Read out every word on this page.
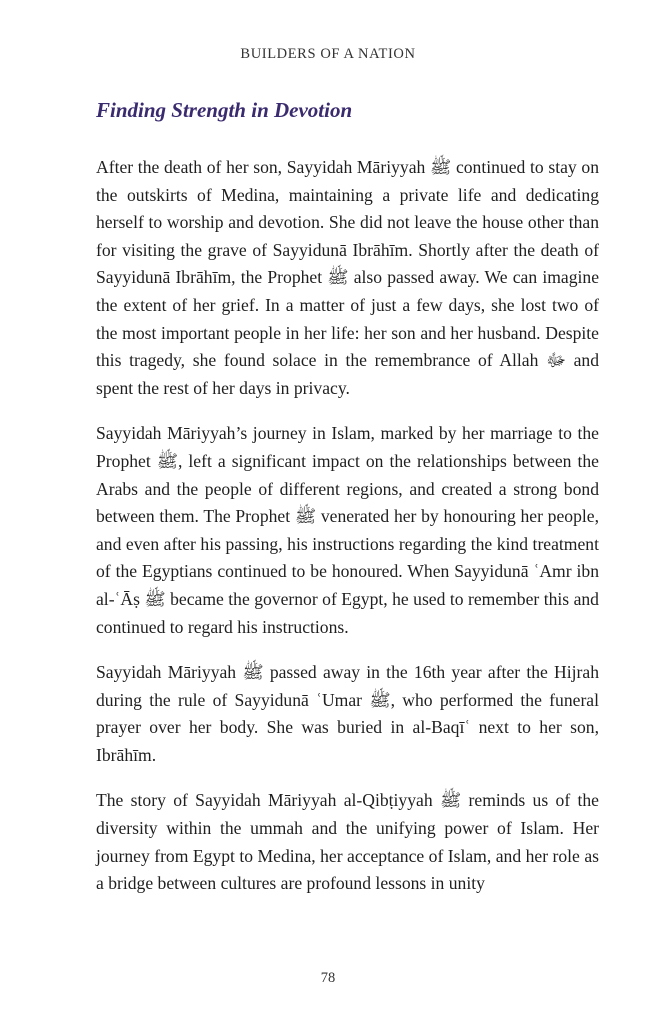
BUILDERS OF A NATION
Finding Strength in Devotion

After the death of her son, Sayyidah Māriyyah ﷺ continued to stay on the outskirts of Medina, maintaining a private life and dedicating herself to worship and devotion. She did not leave the house other than for visiting the grave of Sayyidunā Ibrāhīm. Shortly after the death of Sayyidunā Ibrāhīm, the Prophet ﷺ also passed away. We can imagine the extent of her grief. In a matter of just a few days, she lost two of the most important people in her life: her son and her husband. Despite this tragedy, she found solace in the remembrance of Allah ﷻ and spent the rest of her days in privacy.

Sayyidah Māriyyah’s journey in Islam, marked by her marriage to the Prophet ﷺ, left a significant impact on the relationships between the Arabs and the people of different regions, and created a strong bond between them. The Prophet ﷺ venerated her by honouring her people, and even after his passing, his instructions regarding the kind treatment of the Egyptians continued to be honoured. When Sayyidunā ʿAmr ibn al-ʿĀṣ ﷺ became the governor of Egypt, he used to remember this and continued to regard his instructions.

Sayyidah Māriyyah ﷺ passed away in the 16th year after the Hijrah during the rule of Sayyidunā ʿUmar ﷺ, who performed the funeral prayer over her body. She was buried in al-Baqīʿ next to her son, Ibrāhīm.

The story of Sayyidah Māriyyah al-Qibṭiyyah ﷺ reminds us of the diversity within the ummah and the unifying power of Islam. Her journey from Egypt to Medina, her acceptance of Islam, and her role as a bridge between cultures are profound lessons in unity

78
